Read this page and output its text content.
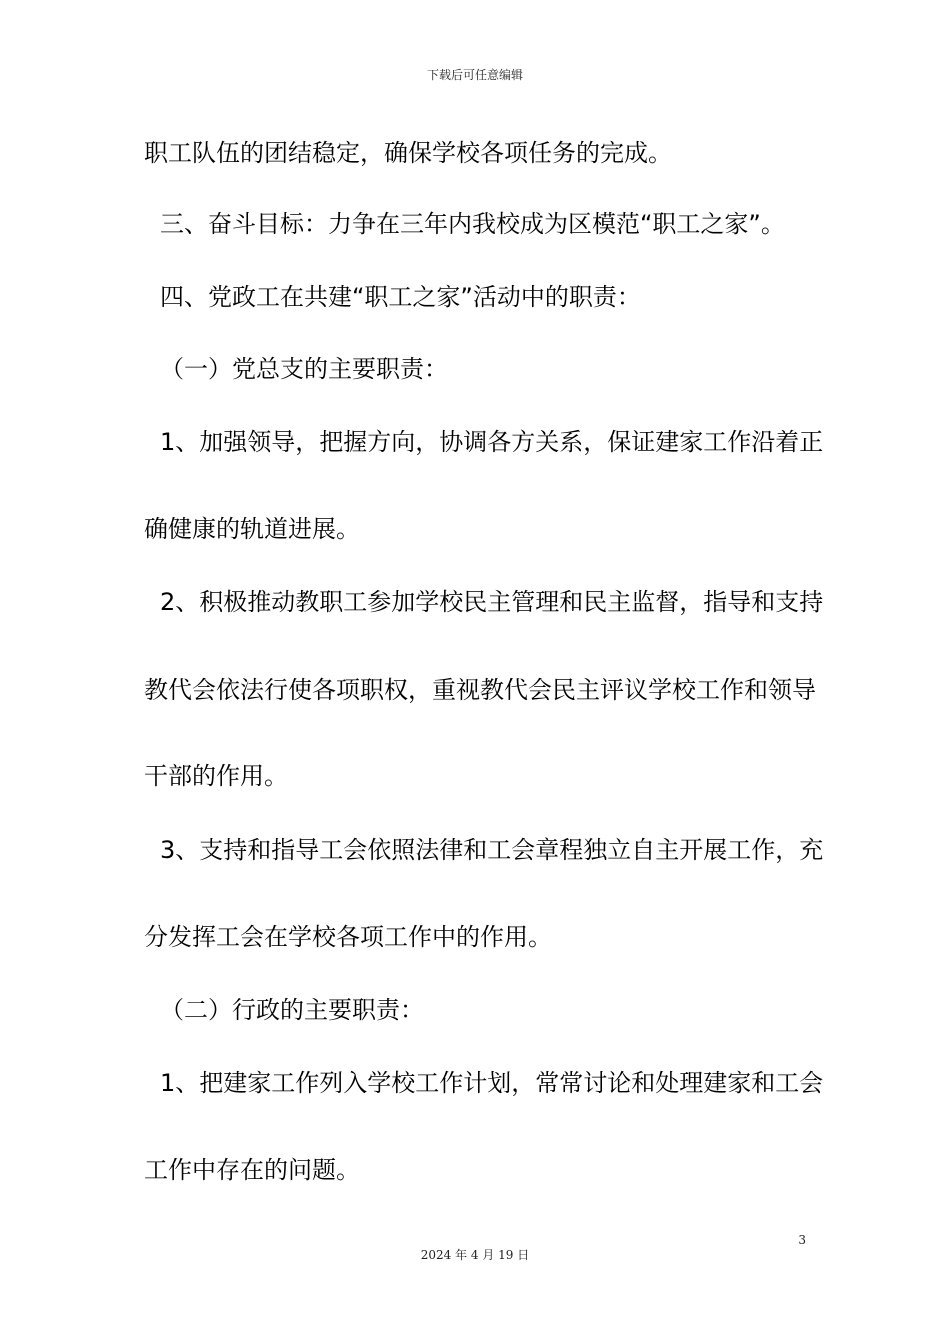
下载后可任意编辑
职工队伍的团结稳定，确保学校各项任务的完成。
三、奋斗目标：力争在三年内我校成为区模范“职工之家”。
四、党政工在共建“职工之家”活动中的职责：
（一）党总支的主要职责：
1、加强领导，把握方向，协调各方关系，保证建家工作沿着正
确健康的轨道进展。
2、积极推动教职工参加学校民主管理和民主监督，指导和支持
教代会依法行使各项职权，重视教代会民主评议学校工作和领导
干部的作用。
3、支持和指导工会依照法律和工会章程独立自主开展工作，充
分发挥工会在学校各项工作中的作用。
（二）行政的主要职责：
1、把建家工作列入学校工作计划，常常讨论和处理建家和工会
工作中存在的问题。
3
2024 年 4 月 19 日
